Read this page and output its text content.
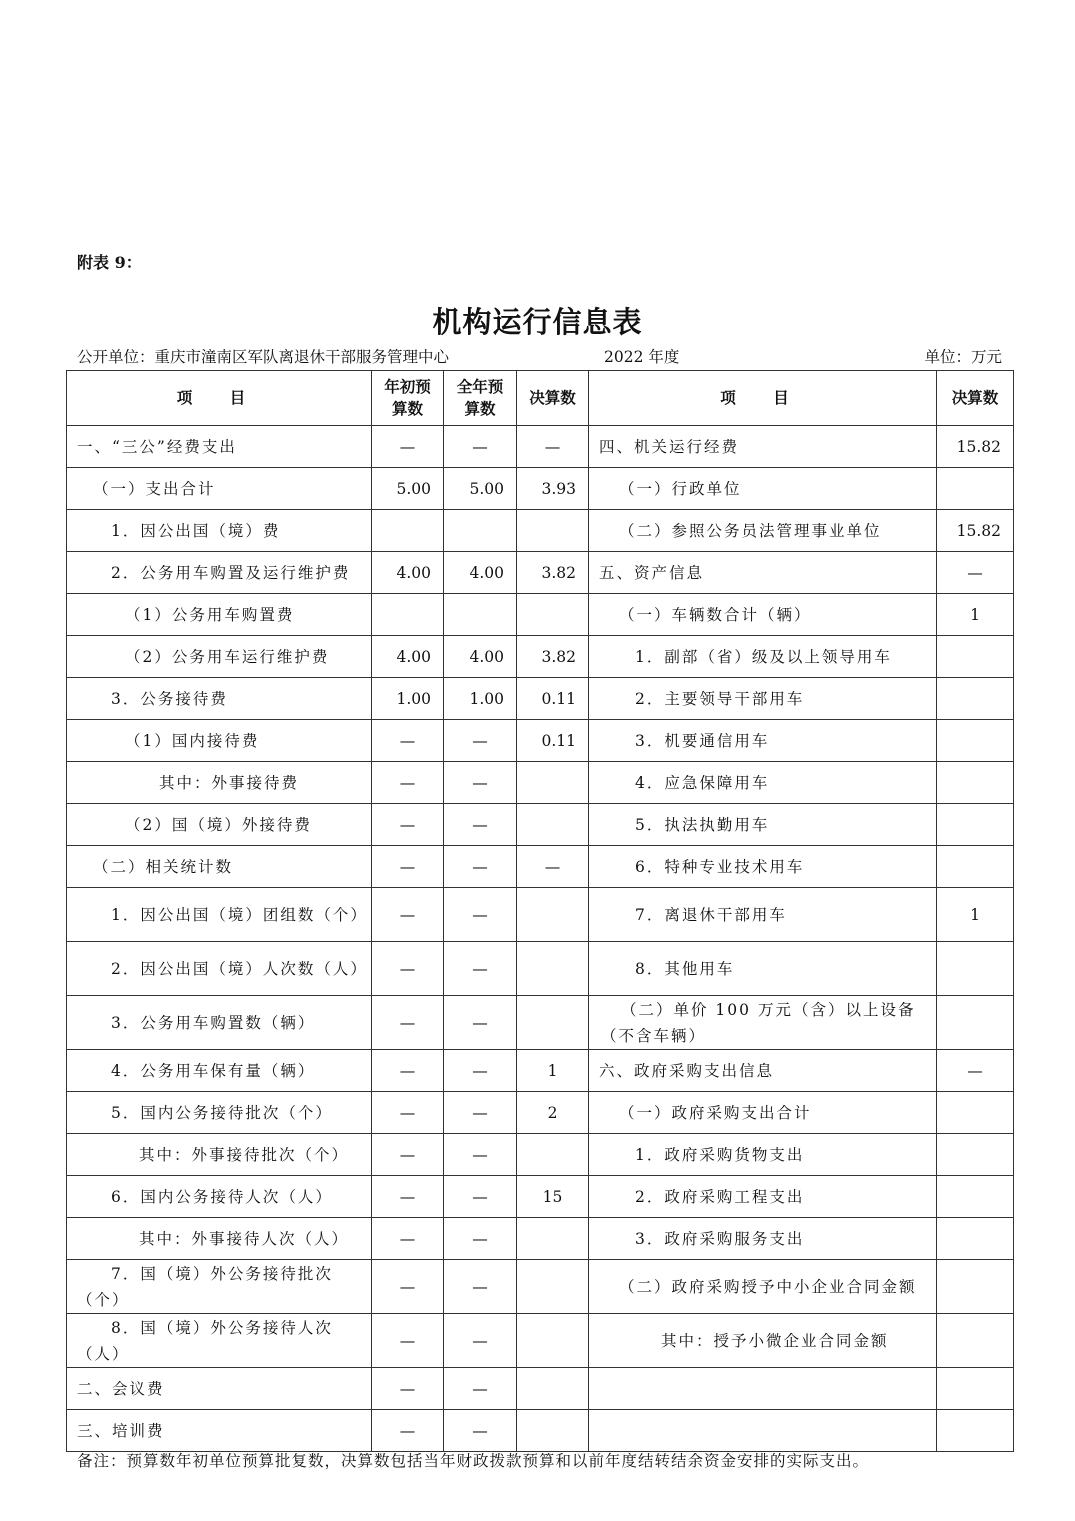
附表 9：
机构运行信息表
公开单位：重庆市潼南区军队离退休干部服务管理中心	2022 年度	单位：万元
项 目	年初预算数	全年预算数	决算数	项 目	决算数
一、“三公”经费支出	—	—	—	四、机关运行经费	15.82
（一）支出合计	5.00	5.00	3.93	（一）行政单位	
1．因公出国（境）费				（二）参照公务员法管理事业单位	15.82
2．公务用车购置及运行维护费	4.00	4.00	3.82	五、资产信息	—
（1）公务用车购置费				（一）车辆数合计（辆）	1
（2）公务用车运行维护费	4.00	4.00	3.82	1．副部（省）级及以上领导用车	
3．公务接待费	1.00	1.00	0.11	2．主要领导干部用车	
（1）国内接待费	—	—	0.11	3．机要通信用车	
其中：外事接待费	—	—		4．应急保障用车	
（2）国（境）外接待费	—	—		5．执法执勤用车	
（二）相关统计数	—	—	—	6．特种专业技术用车	
1．因公出国（境）团组数（个）	—	—		7．离退休干部用车	1
2．因公出国（境）人次数（人）	—	—		8．其他用车	
3．公务用车购置数（辆）	—	—		（二）单价 100 万元（含）以上设备（不含车辆）	
4．公务用车保有量（辆）	—	—	1	六、政府采购支出信息	—
5．国内公务接待批次（个）	—	—	2	（一）政府采购支出合计	
其中：外事接待批次（个）	—	—		1．政府采购货物支出	
6．国内公务接待人次（人）	—	—	15	2．政府采购工程支出	
其中：外事接待人次（人）	—	—		3．政府采购服务支出	
7．国（境）外公务接待批次（个）	—	—		（二）政府采购授予中小企业合同金额	
8．国（境）外公务接待人次（人）	—	—		其中：授予小微企业合同金额	
二、会议费	—	—			
三、培训费	—	—			
备注：预算数年初单位预算批复数，决算数包括当年财政拨款预算和以前年度结转结余资金安排的实际支出。
